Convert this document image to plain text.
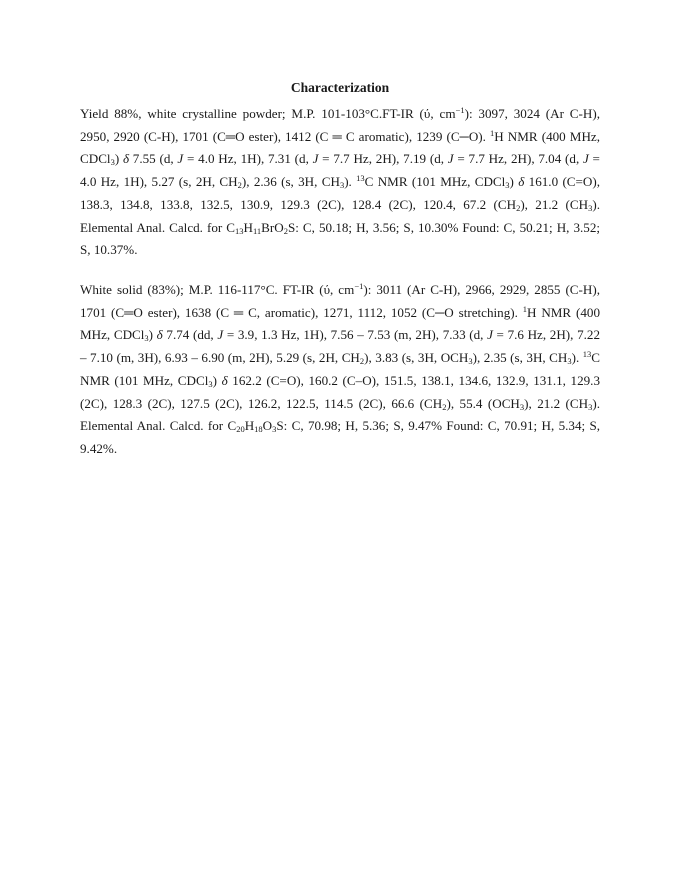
Characterization

Yield 88%, white crystalline powder; M.P. 101-103°C.FT-IR (ύ, $cm^{-1}$): 3097, 3024 (Ar C-H), 2950, 2920 (C-H), 1701 (C═O ester), 1412 (C ═ C aromatic), 1239 (C─O). $^1$H NMR (400 MHz, CDCl$_3$) δ 7.55 (d, J = 4.0 Hz, 1H), 7.31 (d, J = 7.7 Hz, 2H), 7.19 (d, J = 7.7 Hz, 2H), 7.04 (d, J = 4.0 Hz, 1H), 5.27 (s, 2H, $CH_2$), 2.36 (s, 3H, $CH_3$). $^{13}$C NMR (101 MHz, CDCl$_3$) δ 161.0 (C=O), 138.3, 134.8, 133.8, 132.5, 130.9, 129.3 (2C), 128.4 (2C), 120.4, 67.2 $(CH_2)$, 21.2 $(CH_3)$. Elemental Anal. Calcd. for $C_{13}H_{11}BrO_2S$: C, 50.18; H, 3.56; S, 10.30% Found: C, 50.21; H, 3.52; S, 10.37%.

White solid (83%); M.P. 116-117°C. FT-IR (ύ, $cm^{-1}$): 3011 (Ar C-H), 2966, 2929, 2855 (C-H), 1701 (C═O ester), 1638 (C ═ C, aromatic), 1271, 1112, 1052 (C─O stretching). $^1$H NMR (400 MHz, CDCl$_3$) δ 7.74 (dd, J = 3.9, 1.3 Hz, 1H), 7.56 – 7.53 (m, 2H), 7.33 (d, J = 7.6 Hz, 2H), 7.22 – 7.10 (m, 3H), 6.93 – 6.90 (m, 2H), 5.29 (s, 2H, $CH_2$), 3.83 (s, 3H, $OCH_3$), 2.35 (s, 3H, $CH_3$). $^{13}$C NMR (101 MHz, CDCl$_3$) δ 162.2 (C=O), 160.2 (C–O), 151.5, 138.1, 134.6, 132.9, 131.1, 129.3 (2C), 128.3 (2C), 127.5 (2C), 126.2, 122.5, 114.5 (2C), 66.6 $(CH_2)$, 55.4 $(OCH_3)$, 21.2 $(CH_3)$. Elemental Anal. Calcd. for $C_{20}H_{18}O_3S$: C, 70.98; H, 5.36; S, 9.47% Found: C, 70.91; H, 5.34; S, 9.42%.
